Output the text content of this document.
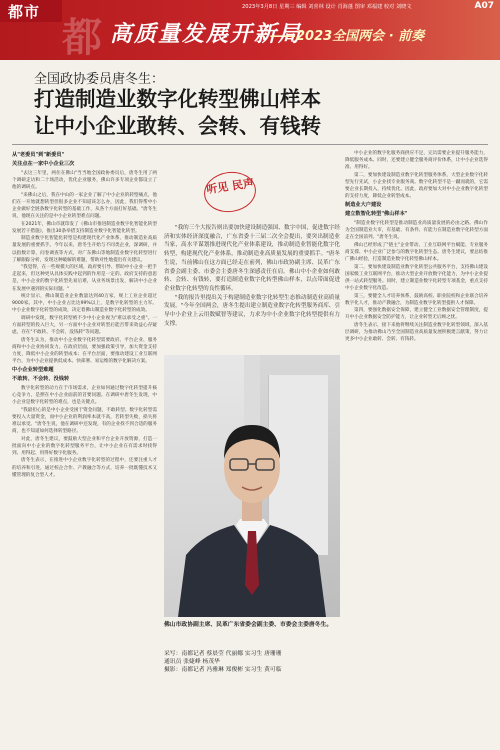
都市
都
2023年3月8日 星期三 编辑 刘喜林 设计 肖海蓬 图审 邓福建 校对 刘晓文	A07
高质量发展开新局
——2023全国两会 · 前奏
全国政协委员唐冬生：
打造制造业数字化转型佛山样本
让中小企业敢转、会转、有钱转
从"老委员"到"新委员"
关注点在一家中小企业三次

"去这三年里，两住在佛山"当当地全国政协委员后，唐冬生用了两个调研走访和二十场活动，优化企业服务，佛山许多专项企业都设立了他的调研点。

"来佛山之后，我在中山的一家企业了解了中小企业的转型痛点，他们在一开始就想转型但很多企业不知道该怎么办，因此，我们得帮中小企业做好全链条数字化转型的基础工作，从各个方面打好基础。"唐冬生说，他现在关注的是中小企业转型难点问题。

在2021年，佛山市就印发了《佛山市推进制造业数字化智能化转型发展若干措施》，推出30条举措支持制造业数字化智能化转型。

制造业数字化智能化转型是构建现代化产业体系、推动制造业高质量发展的重要抓手。今年以来，唐冬生开始与不同类企业，深调研，并以指数计算，问卷调查等方式，对广东佛山等地制造业数字化转型进行了解跟踪分析，发现这种破解的难题，帮助对性地提出有关建议。

"我觉得，在一些规模大的区域，政府要引导、帮助中小企业一把手走起来，但这种更从具体实践中起到的作用是一定的。政府支持的意思是，中小企业的数字化转型先易后难，从业务场景出发，解决中小企业在发展中遇到的实际问题。"

统计显示，佛山制造业企业数量达到40万家，规上工业企业超过9000家。其中，中小企业占比达99%以上，是数字化转型的主力军。中小企业数字化转型的成效，决定着佛山制造业数字化转型的成效。

调研中发现，数字化转型被不少中小企业视为"难以承受之重"。一方面转型的投入巨大，另一方面中小企业对转型后能否带来效益心存疑虑，存在"不敢转、不会转、没钱转"等问题。

唐冬生认为，推动中小企业数字化转型需要政府、平台企业、服务商和中小企业协同发力。在政府层面，要加强政策引导，加大资金支持力度，降低中小企业的转型成本；在平台层面，要推动建设工业互联网平台，为中小企业提供低成本、快部署、易运维的数字化解决方案。

中小企业转型难题
不敢转、不会转、没钱转

数字化转型的动力在于市场需求，企业如何通过数字化转型提升核心竞争力，是摆在中小企业面前的首要问题。在调研中唐冬生发现，中小企业是数字化转型的难点，也是关键点。

"我最担心的是中小企业受困于资金问题，不敢转型。数字化转型需要投入大量资金，而中小企业的利润率本就不高，若转型失败，损失将难以承受。"唐冬生说，他在调研中还发现，有的企业找不到合适的服务商，也不知道如何选择转型路径。

对此，唐冬生建议，要鼓励大型企业和平台企业开放资源，打造一批面向中小企业的数字化转型服务平台，让中小企业在有需求时找得到、用得起、用得好数字化服务。

唐冬生表示，在推进中小企业数字化转型的过程中，还要注重人才的培养和引进，通过校企合作、产教融合等方式，培养一批既懂技术又懂管理的复合型人才。

听见 民声

"我的三个大报告则出要加快建设制造强国、数字中国，促进数字经济和实体经济深度融合，广东省委十三届二次全会提出，要突出制造业当家，高水平谋划推进现代化产业体系建设，推动制造业智能化数字化转型，构建现代化产业体系，推动制造业高质量发展的重要抓手。"唐冬生说，当前佛山在这方面已经走在前列，佛山市政协副主席、民革广东省委会副主委、市委会主委唐冬生深感责任在肩。佛山中小企业如何敢转、会转、有钱转，要打造制造业数字化转型佛山样本，以点带面促进企业数字化转型的良性循环。

"我的报告里提出关于构建制造业数字化转型生态推动制造业高质量发展。"今年全国两会，唐冬生提出建立制造业数字化转型服务商库、引导中小企业上云用数赋智等建议，力求为中小企业数字化转型提供有力支撑。

佛山市政协副主席、民革广东省委会副主委、市委会主委唐冬生。
采写：南都记者 蔡晨莹 代丽娜 实习生 唐珊珊
通讯员 张婕峰 杨茂华
摄影：南都记者 冯雅琳 郑俊彬 实习生 黄可临

中小企业的数字化服务商供应不足，完员需要企业提升服务能力，降低服务成本。同时，还要建立健全服务商评价体系，让中小企业选得准、用得好。

第二，要加快建设制造业数字化转型服务体系，大型企业数字化转型先行先试，小企业找专业服务商。数字化转型不是一蹴而就的，它需要企业长期投入，持续优化。因此，政府要加大对中小企业数字化转型的支持力度，降低企业转型成本。

制造业大户建设
建立数智化转型"佛山样本"

"制造业数字化转型是推动制造业高质量发展的必由之路。佛山作为全国制造业大市，有基础、有条件、有能力在制造业数字化转型方面走在全国前列。"唐冬生说。

佛山已经形成了"链主"企业带动、工业互联网平台赋能、专业服务商支撑、中小企业广泛参与的数字化转型生态。唐冬生建议，要总结推广佛山经验，打造制造业数字化转型佛山样本。

第二，要加快建设制造业数字化转型公共服务平台，支持佛山建设国家级工业互联网平台，推动大型企业开放数字化能力，为中小企业提供一站式转型服务。同时，建立制造业数字化转型专项基金，重点支持中小企业数字化改造。

第三，要健全人才培养体系，鼓励高校、职业院校和企业联合培养数字化人才，推动产教融合，为制造业数字化转型提供人才保障。

第四，要强化数据安全保障，建立健全工业数据安全管理制度，提升中小企业数据安全防护能力，让企业转型无后顾之忧。

唐冬生表示，接下来他将继续关注制造业数字化转型领域，深入基层调研，为推动佛山乃至全国制造业高质量发展积极建言献策，努力让更多中小企业敢转、会转、有钱转。
